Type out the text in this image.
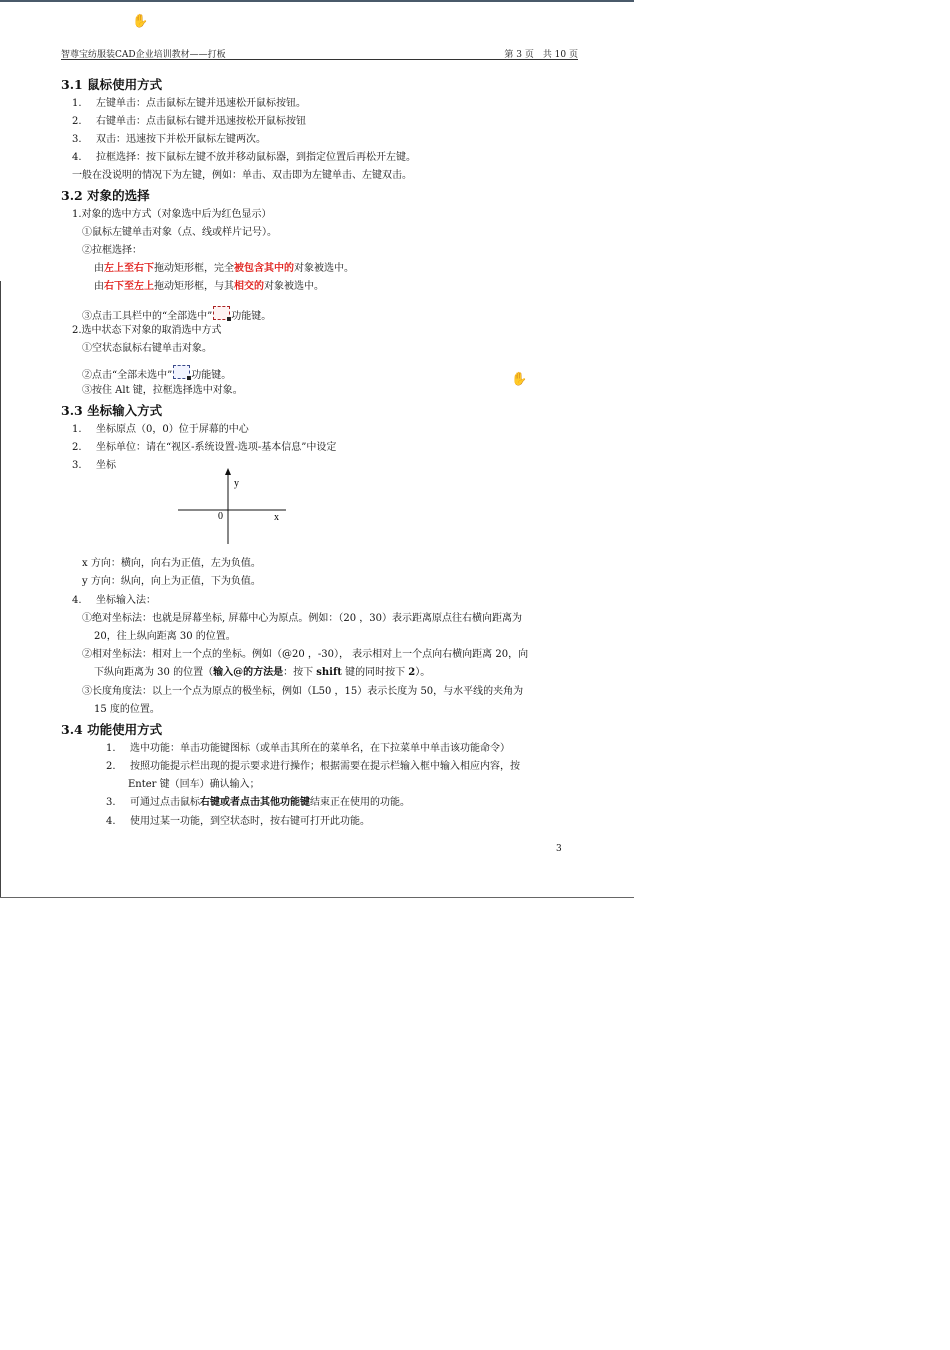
✋
✋
智尊宝纺服装CAD企业培训教材——打板	第 3 页　共 10 页
3.1 鼠标使用方式
1. 左键单击：点击鼠标左键并迅速松开鼠标按钮。
2. 右键单击：点击鼠标右键并迅速按松开鼠标按钮
3. 双击：迅速按下并松开鼠标左键两次。
4. 拉框选择：按下鼠标左键不放并移动鼠标器，到指定位置后再松开左键。
一般在没说明的情况下为左键，例如：单击、双击即为左键单击、左键双击。
3.2 对象的选择
1.对象的选中方式（对象选中后为红色显示）
①鼠标左键单击对象（点、线或样片记号）。
②拉框选择：
由左上至右下拖动矩形框，完全被包含其中的对象被选中。
由右下至左上拖动矩形框，与其相交的对象被选中。
③点击工具栏中的“全部选中” 功能键。
2.选中状态下对象的取消选中方式
①空状态鼠标右键单击对象。
②点击“全部未选中” 功能键。
③按住 Alt 键，拉框选择选中对象。
3.3 坐标输入方式
1. 坐标原点（0，0）位于屏幕的中心
2. 坐标单位：请在“视区-系统设置-选项-基本信息”中设定
3. 坐标
y
x
0
x 方向：横向，向右为正值，左为负值。
y 方向：纵向，向上为正值，下为负值。
4. 坐标输入法：
①绝对坐标法：也就是屏幕坐标, 屏幕中心为原点。例如：（20 ，30）表示距离原点往右横向距离为
20，往上纵向距离 30 的位置。
②相对坐标法：相对上一个点的坐标。例如（@20 ，-30）， 表示相对上一个点向右横向距离 20，向
下纵向距离为 30 的位置（输入@的方法是：按下 shift 键的同时按下 2）。
③长度角度法：以上一个点为原点的极坐标，例如（L50 ，15）表示长度为 50，与水平线的夹角为
15 度的位置。
3.4 功能使用方式
1. 选中功能：单击功能键图标（或单击其所在的菜单名，在下拉菜单中单击该功能命令）
2. 按照功能提示栏出现的提示要求进行操作；根据需要在提示栏输入框中输入相应内容，按
Enter 键（回车）确认输入；
3. 可通过点击鼠标右键或者点击其他功能键结束正在使用的功能。
4. 使用过某一功能，到空状态时，按右键可打开此功能。
3
